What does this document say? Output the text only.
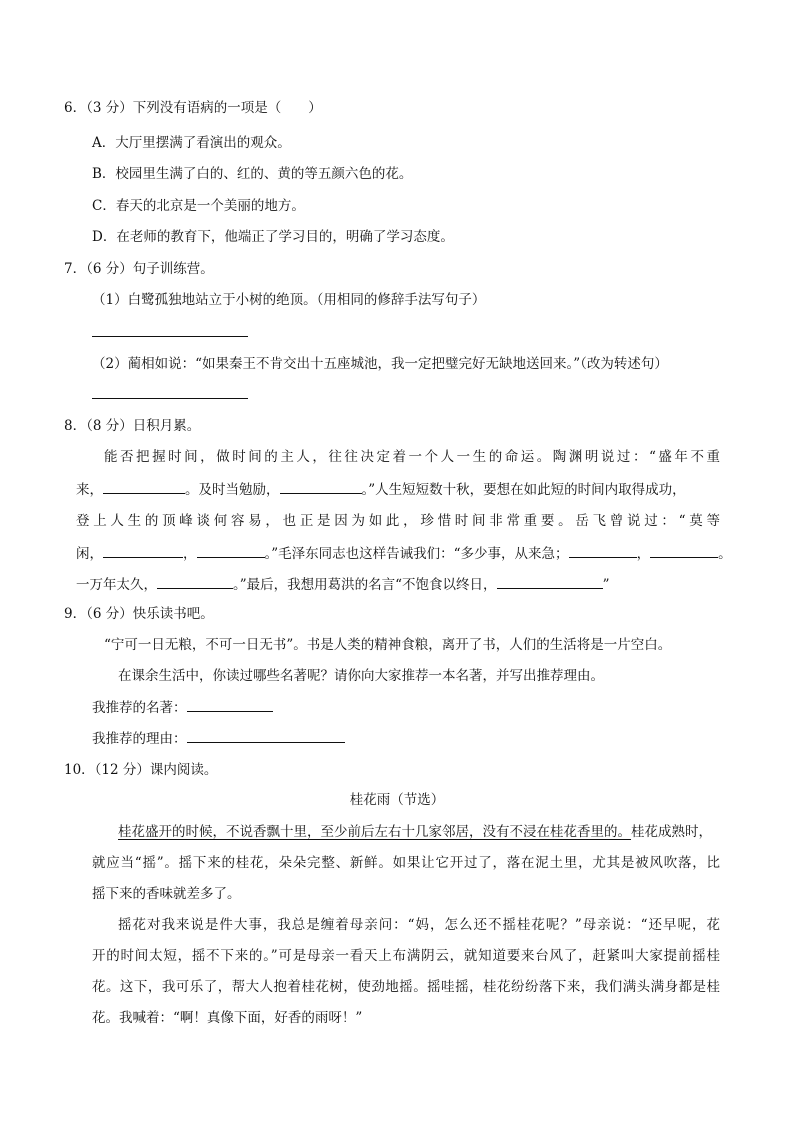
6．（3 分）下列没有语病的一项是（　　）
A．大厅里摆满了看演出的观众。
B．校园里生满了白的、红的、黄的等五颜六色的花。
C．春天的北京是一个美丽的地方。
D．在老师的教育下，他端正了学习目的，明确了学习态度。
7．（6 分）句子训练营。
（1）白鹭孤独地站立于小树的绝顶。（用相同的修辞手法写句子）
（2）蔺相如说：“如果秦王不肯交出十五座城池，我一定把璧完好无缺地送回来。”（改为转述句）
8．（8 分）日积月累。
能否把握时间，做时间的主人，往往决定着一个人一生的命运。陶渊明说过：“盛年不重
来，	。及时当勉励，	。”人生短短数十秋，要想在如此短的时间内取得成功，
登上人生的顶峰谈何容易，也正是因为如此，珍惜时间非常重要。岳飞曾说过：“莫等
闲，	，	。”毛泽东同志也这样告诫我们：“多少事，从来急；	，	。
一万年太久，	。”最后，我想用葛洪的名言“不饱食以终日，	”
9．（6 分）快乐读书吧。
“宁可一日无粮，不可一日无书”。书是人类的精神食粮，离开了书，人们的生活将是一片空白。
在课余生活中，你读过哪些名著呢？请你向大家推荐一本名著，并写出推荐理由。
我推荐的名著：
我推荐的理由：
10．（12 分）课内阅读。
桂花雨（节选）
桂花盛开的时候，不说香飘十里，至少前后左右十几家邻居，没有不浸在桂花香里的。桂花成熟时，
就应当“摇”。摇下来的桂花，朵朵完整、新鲜。如果让它开过了，落在泥土里，尤其是被风吹落，比
摇下来的香味就差多了。
摇花对我来说是件大事，我总是缠着母亲问：“妈，怎么还不摇桂花呢？”母亲说：“还早呢，花
开的时间太短，摇不下来的。”可是母亲一看天上布满阴云，就知道要来台风了，赶紧叫大家提前摇桂
花。这下，我可乐了，帮大人抱着桂花树，使劲地摇。摇哇摇，桂花纷纷落下来，我们满头满身都是桂
花。我喊着：“啊！真像下面，好香的雨呀！”
